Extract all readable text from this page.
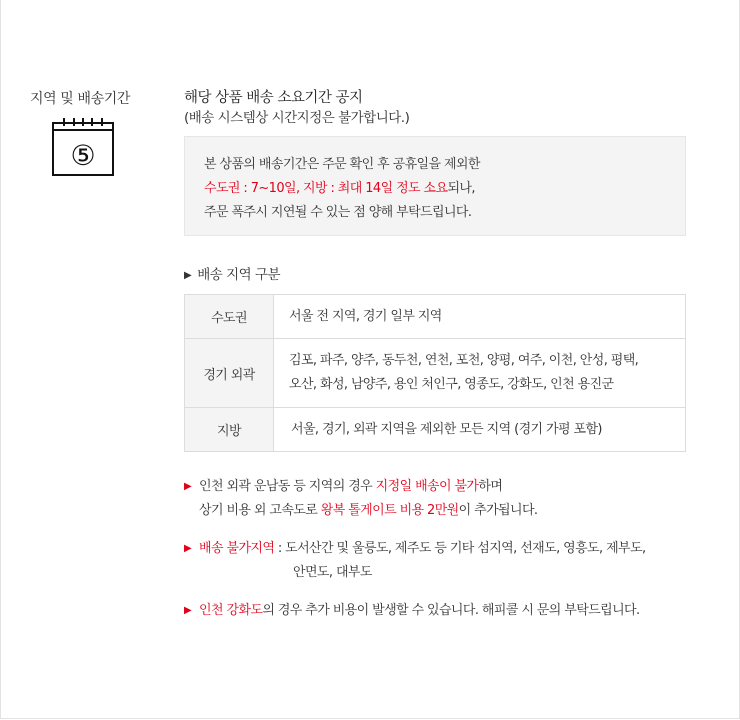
지역 및 배송기간
⑤
해당 상품 배송 소요기간 공지
(배송 시스템상 시간지정은 불가합니다.)
본 상품의 배송기간은 주문 확인 후 공휴일을 제외한
수도권 : 7~10일, 지방 : 최대 14일 정도 소요되나,
주문 폭주시 지연될 수 있는 점 양해 부탁드립니다.
▶ 배송 지역 구분
수도권	서울 전 지역, 경기 일부 지역

경기 외곽	김포, 파주, 양주, 동두천, 연천, 포천, 양평, 여주, 이천, 안성, 평택,
오산, 화성, 남양주, 용인 처인구, 영종도, 강화도, 인천 용진군

지방	서울, 경기, 외곽 지역을 제외한 모든 지역 (경기 가평 포함)
▶ 인천 외곽 운남동 등 지역의 경우 지정일 배송이 불가하며
상기 비용 외 고속도로 왕복 톨게이트 비용 2만원이 추가됩니다.
▶ 배송 불가지역 : 도서산간 및 울릉도, 제주도 등 기타 섬지역, 선재도, 영흥도, 제부도,
안면도, 대부도
▶ 인천 강화도의 경우 추가 비용이 발생할 수 있습니다. 해피콜 시 문의 부탁드립니다.
